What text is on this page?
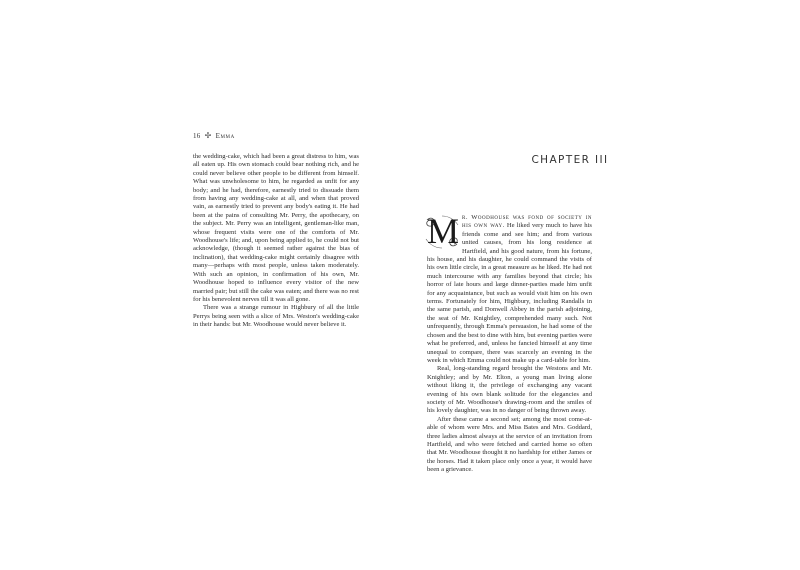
16 ✢ Emma

the wedding-cake, which had been a great distress to him, was all eaten up. His own stomach could bear nothing rich, and he could never believe other people to be different from himself. What was unwholesome to him, he regarded as unfit for any body; and he had, therefore, earnestly tried to dissuade them from having any wedding-cake at all, and when that proved vain, as earnestly tried to prevent any body's eating it. He had been at the pains of consulting Mr. Perry, the apothecary, on the subject. Mr. Perry was an intelligent, gentleman-like man, whose frequent visits were one of the comforts of Mr. Woodhouse's life; and, upon being applied to, he could not but acknowledge, (though it seemed rather against the bias of inclination), that wedding-cake might certainly disagree with many—perhaps with most people, unless taken moderately. With such an opinion, in confirmation of his own, Mr. Woodhouse hoped to influence every visitor of the new married pair; but still the cake was eaten; and there was no rest for his benevolent nerves till it was all gone.

There was a strange rumour in Highbury of all the little Perrys being seen with a slice of Mrs. Weston's wedding-cake in their hands: but Mr. Woodhouse would never believe it.

CHAPTER III

M r. Woodhouse was fond of society in his own way. He liked very much to have his friends come and see him; and from various united causes, from his long residence at Hartfield, and his good nature, from his fortune, his house, and his daughter, he could command the visits of his own little circle, in a great measure as he liked. He had not much intercourse with any families beyond that circle; his horror of late hours and large dinner-parties made him unfit for any acquaintance, but such as would visit him on his own terms. Fortunately for him, Highbury, including Randalls in the same parish, and Donwell Abbey in the parish adjoining, the seat of Mr. Knightley, comprehended many such. Not unfrequently, through Emma's persuasion, he had some of the chosen and the best to dine with him, but evening parties were what he preferred, and, unless he fancied himself at any time unequal to compare, there was scarcely an evening in the week in which Emma could not make up a card-table for him.

Real, long-standing regard brought the Westons and Mr. Knightley; and by Mr. Elton, a young man living alone without liking it, the privilege of exchanging any vacant evening of his own blank solitude for the elegancies and society of Mr. Woodhouse's drawing-room and the smiles of his lovely daughter, was in no danger of being thrown away.

After these came a second set; among the most come-at-able of whom were Mrs. and Miss Bates and Mrs. Goddard, three ladies almost always at the service of an invitation from Hartfield, and who were fetched and carried home so often that Mr. Woodhouse thought it no hardship for either James or the horses. Had it taken place only once a year, it would have been a grievance.
